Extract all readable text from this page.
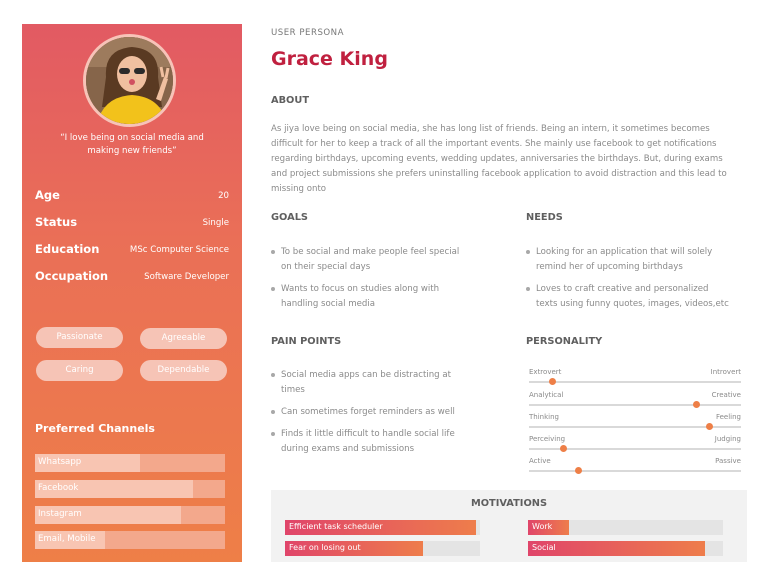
“I love being on social media and making new friends”
Age	20
Status	Single
Education	MSc Computer Science
Occupation	Software Developer
Passionate	Agreeable
Caring	Dependable
Preferred Channels
Whatsapp
Facebook
Instagram
Email, Mobile
USER PERSONA
Grace King
ABOUT
As jiya love being on social media, she has long list of friends. Being an intern, it sometimes becomes difficult for her to keep a track of all the important events. She mainly use facebook to get notifications regarding birthdays, upcoming events, wedding updates, anniversaries the birthdays. But, during exams and project submissions she prefers uninstalling facebook application to avoid distraction and this lead to missing onto
GOALS
To be social and make people feel special on their special days
Wants to focus on studies along with handling social media
NEEDS
Looking for an application that will solely remind her of upcoming birthdays
Loves to craft creative and personalized texts using funny quotes, images, videos,etc
PAIN POINTS
Social media apps can be distracting at times
Can sometimes forget reminders as well
Finds it little difficult to handle social life during exams and submissions
PERSONALITY
Extrovert	Introvert
Analytical	Creative
Thinking	Feeling
Perceiving	Judging
Active	Passive
MOTIVATIONS
Efficient task scheduler	Work
Fear on losing out	Social
